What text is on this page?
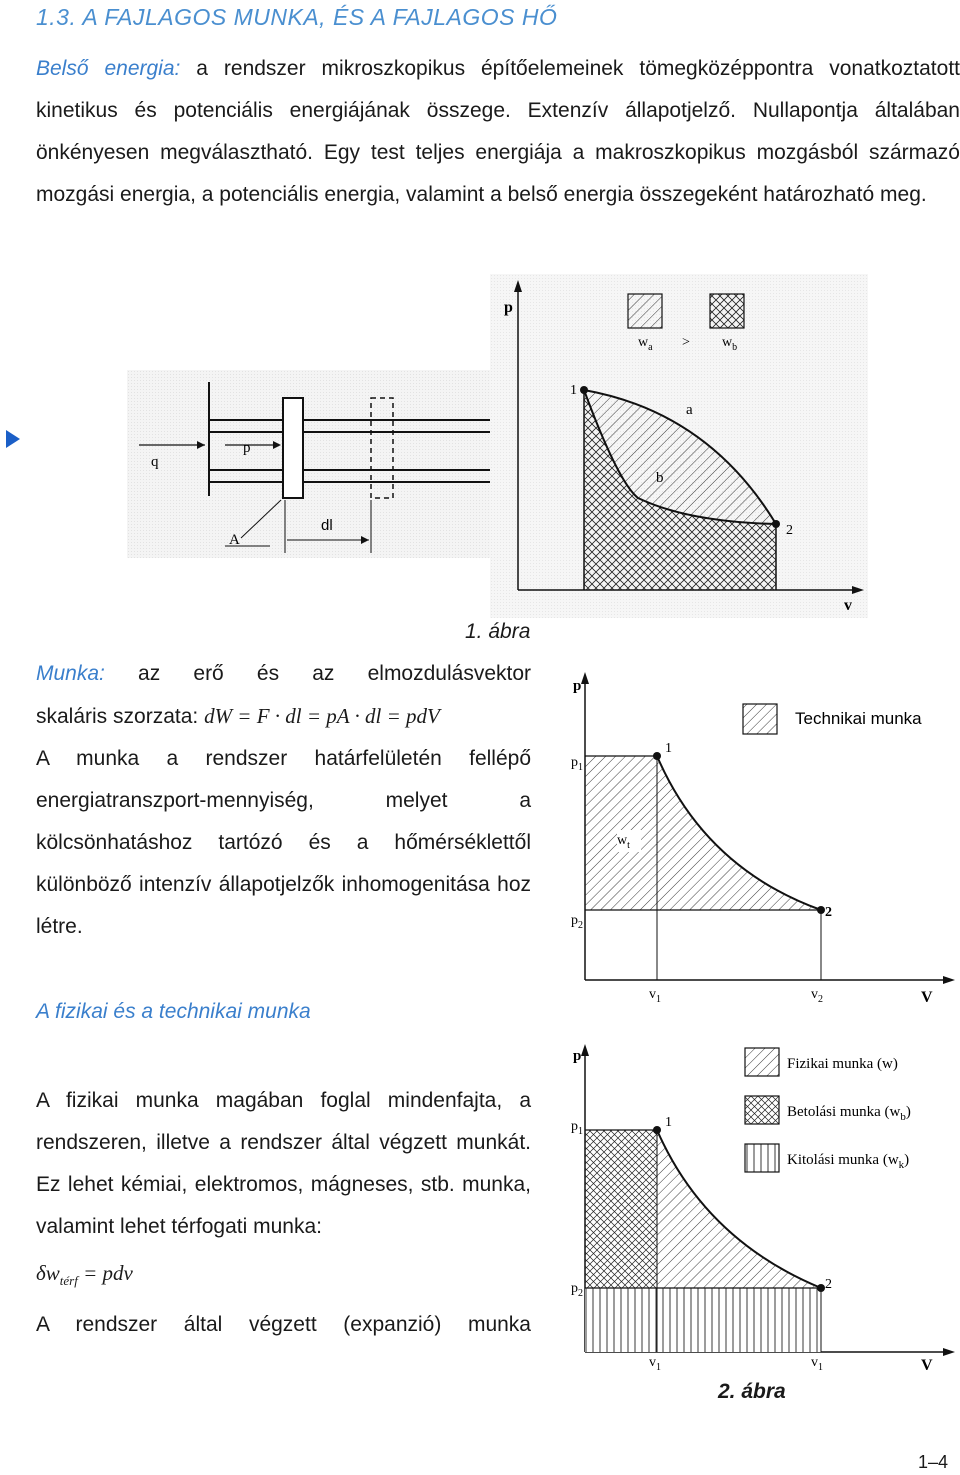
1.3. A FAJLAGOS MUNKA, ÉS A FAJLAGOS HŐ

Belső energia: a rendszer mikroszkopikus építőelemeinek tömegközéppontra vonatkoztatott kinetikus és potenciális energiájának összege. Extenzív állapotjelző. Nullapontja általában önkényesen megválasztható. Egy test teljes energiája a makroszkopikus mozgásból származó mozgási energia, a potenciális energia, valamint a belső energia összegeként határozható meg.

q
p
A
dl
p
v
1
2
a
b
$w_a > w_b$
1. ábra

Munka: az erő és az elmozdulásvektor

skaláris szorzata: dW = F · dl = pA · dl = pdV

A munka a rendszer határfelületén fellépő energiatranszport-mennyiség, melyet a kölcsönhatáshoz tartózó és a hőmérséklettől különböző intenzív állapotjelzők inhomogenitása hoz létre.

p
1
2
$p_1$
$p_2$
$w_t$
$v_1$	$v_2$	V
Technikai munka
A fizikai és a technikai munka

A fizikai munka magában foglal mindenfajta, a rendszeren, illetve a rendszer által végzett munkát. Ez lehet kémiai, elektromos, mágneses, stb. munka, valamint lehet térfogati munka:

$\delta w_{térf}$ = pdv

A rendszer által végzett (expanzió) munka

p
1
2
$p_1$
$p_2$
$v_1$	$v_1$	V
Fizikai munka (w)
Betolási munka $(w_b)$
Kitolási munka $(w_k)$
2. ábra
1–4
